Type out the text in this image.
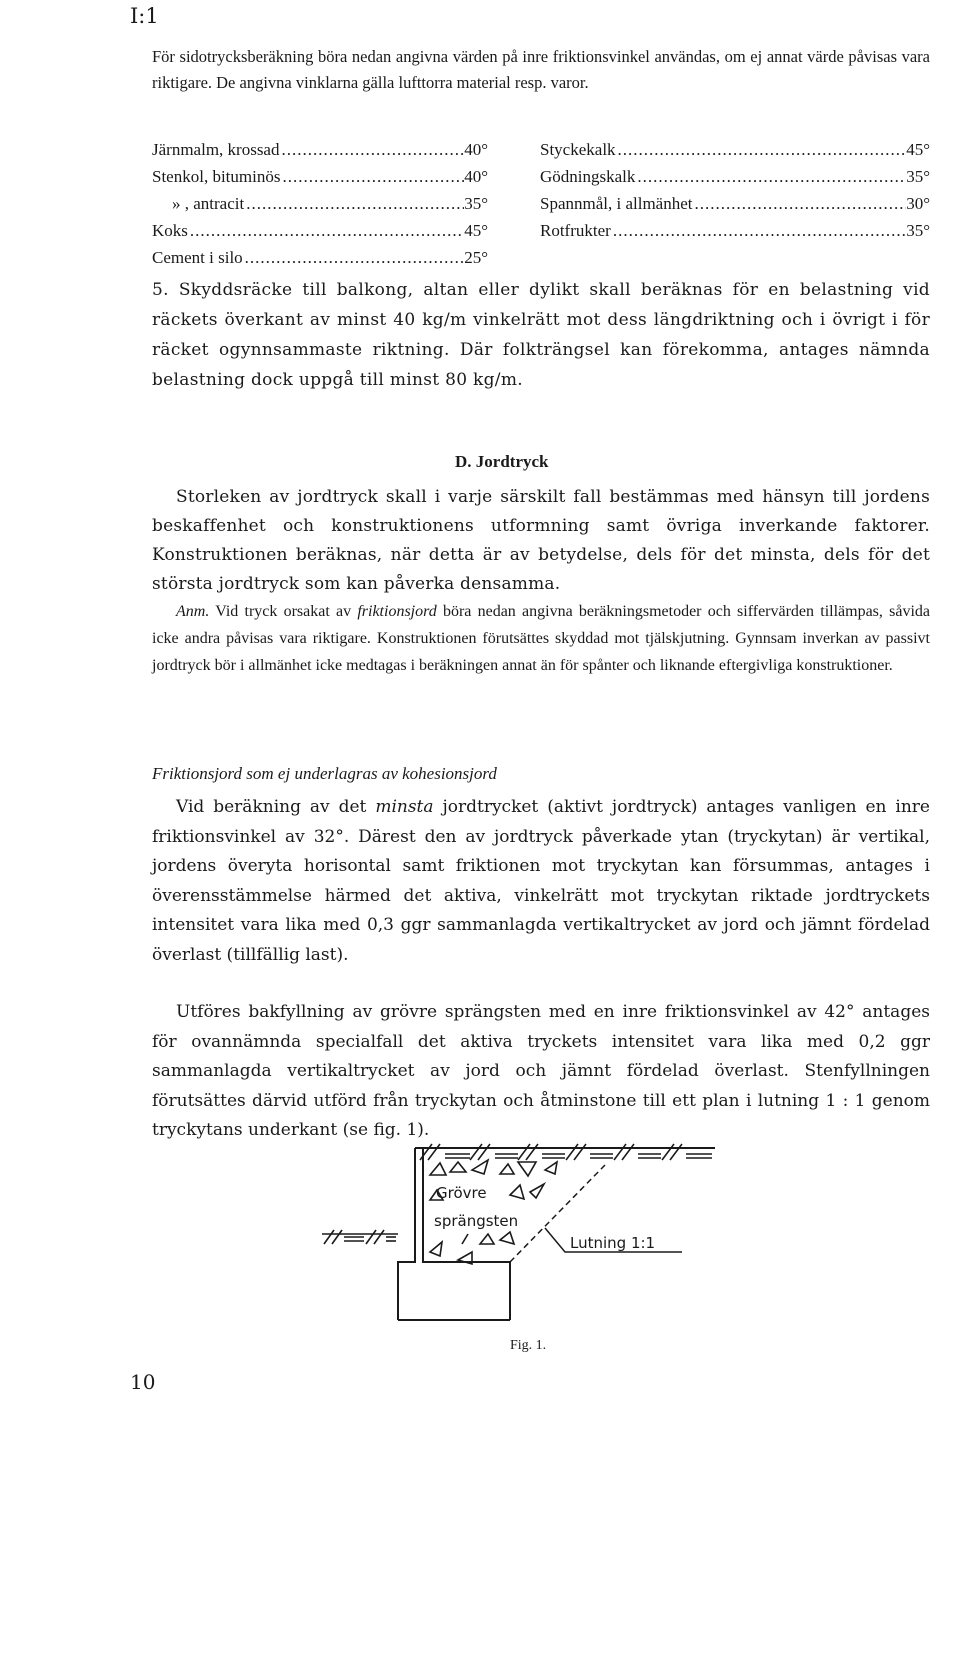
I:1
För sidotrycksberäkning böra nedan angivna värden på inre friktionsvinkel användas, om ej annat värde påvisas vara riktigare. De angivna vinklarna gälla lufttorra material resp. varor.
Järnmalm, krossad .....	40°
Stenkol, bituminös .....	40°
» , antracit .....	35°
Koks .....	45°
Cement i silo .....	25°
Styckekalk .....	45°
Gödningskalk .....	35°
Spannmål, i allmänhet .....	30°
Rotfrukter .....	35°
5. Skyddsräcke till balkong, altan eller dylikt skall beräknas för en belastning vid räckets överkant av minst 40 kg/m vinkelrätt mot dess längdriktning och i övrigt i för räcket ogynnsammaste riktning. Där folkträngsel kan förekomma, antages nämnda belastning dock uppgå till minst 80 kg/m.
D. Jordtryck
Storleken av jordtryck skall i varje särskilt fall bestämmas med hänsyn till jordens beskaffenhet och konstruktionens utformning samt övriga inverkande faktorer. Konstruktionen beräknas, när detta är av betydelse, dels för det minsta, dels för det största jordtryck som kan påverka densamma.
Anm. Vid tryck orsakat av friktionsjord böra nedan angivna beräkningsmetoder och siffervärden tillämpas, såvida icke andra påvisas vara riktigare. Konstruktionen förutsättes skyddad mot tjälskjutning. Gynnsam inverkan av passivt jordtryck bör i allmänhet icke medtagas i beräkningen annat än för spånter och liknande eftergivliga konstruktioner.
Friktionsjord som ej underlagras av kohesionsjord
Vid beräkning av det minsta jordtrycket (aktivt jordtryck) antages vanligen en inre friktionsvinkel av 32°. Därest den av jordtryck påverkade ytan (tryckytan) är vertikal, jordens överyta horisontal samt friktionen mot tryckytan kan försummas, antages i överensstämmelse härmed det aktiva, vinkelrätt mot tryckytan riktade jordtryckets intensitet vara lika med 0,3 ggr sammanlagda vertikaltrycket av jord och jämnt fördelad överlast (tillfällig last).
Utföres bakfyllning av grövre sprängsten med en inre friktionsvinkel av 42° antages för ovannämnda specialfall det aktiva tryckets intensitet vara lika med 0,2 ggr sammanlagda vertikaltrycket av jord och jämnt fördelad överlast. Stenfyllningen förutsättes därvid utförd från tryckytan och åtminstone till ett plan i lutning 1 : 1 genom tryckytans underkant (se fig. 1).
Grövre
sprängsten
Lutning 1:1
Fig. 1.
10
